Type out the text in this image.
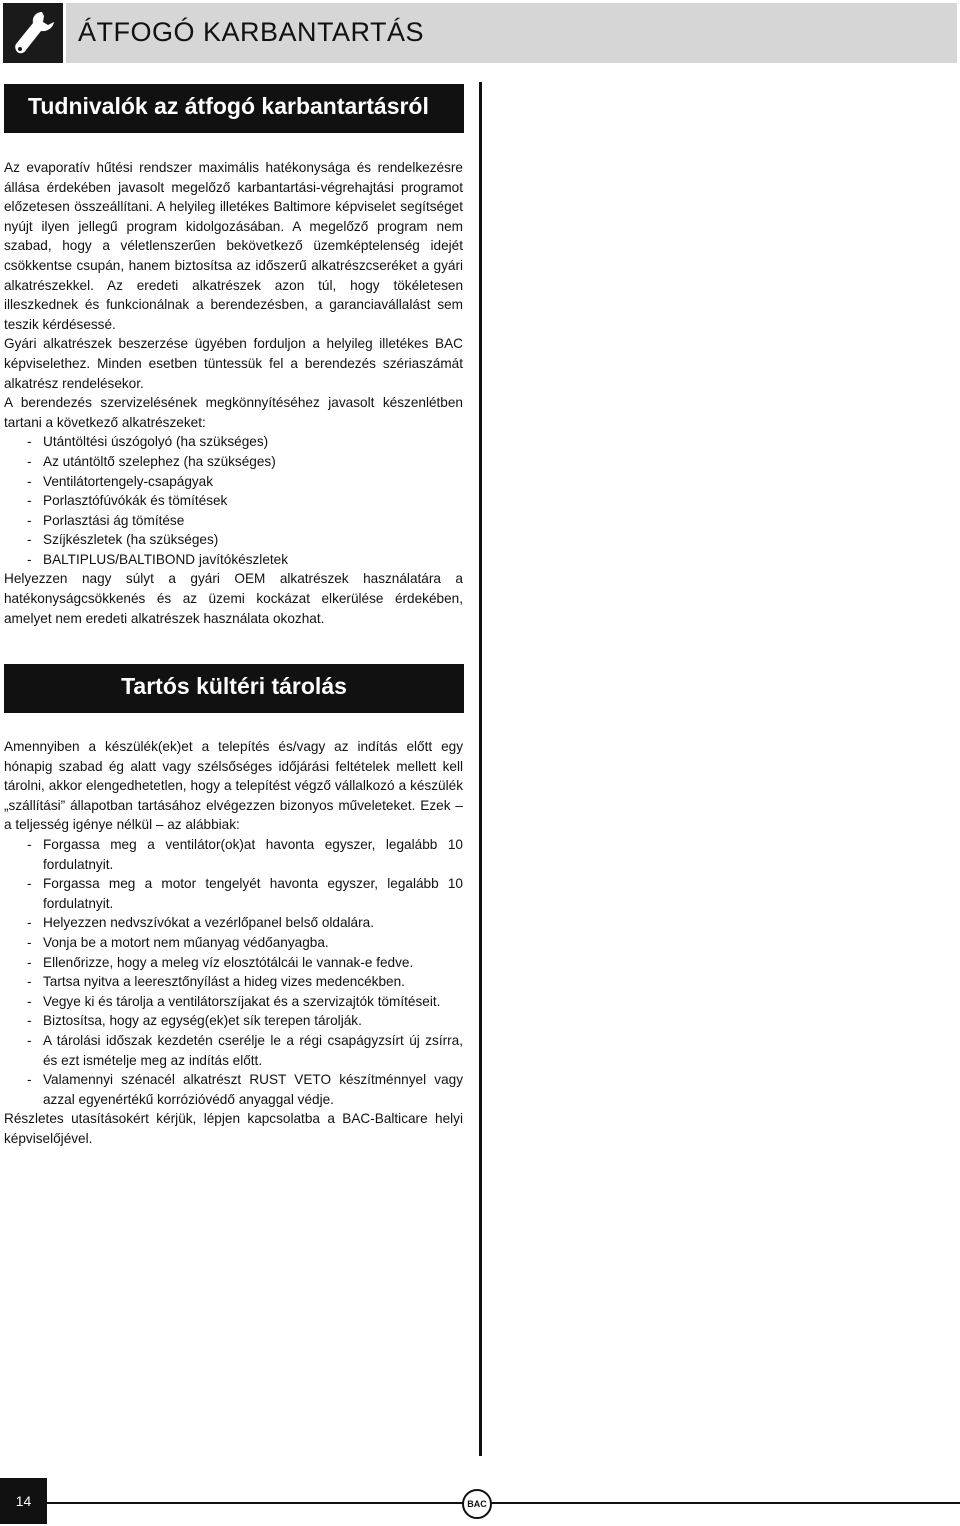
ÁTFOGÓ KARBANTARTÁS
Tudnivalók az átfogó karbantartásról

Az evaporatív hűtési rendszer maximális hatékonysága és rendelkezésre állása érdekében javasolt megelőző karbantartási-végrehajtási programot előzetesen összeállítani. A helyileg illetékes Baltimore képviselet segítséget nyújt ilyen jellegű program kidolgozásában. A megelőző program nem szabad, hogy a véletlenszerűen bekövetkező üzemképtelenség idejét csökkentse csupán, hanem biztosítsa az időszerű alkatrészcseréket a gyári alkatrészekkel. Az eredeti alkatrészek azon túl, hogy tökéletesen illeszkednek és funkcionálnak a berendezésben, a garanciavállalást sem teszik kérdésessé.

Gyári alkatrészek beszerzése ügyében forduljon a helyileg illetékes BAC képviselethez. Minden esetben tüntessük fel a berendezés szériaszámát alkatrész rendelésekor.

A berendezés szervizelésének megkönnyítéséhez javasolt készenlétben tartani a következő alkatrészeket:

- Utántöltési úszógolyó (ha szükséges)
- Az utántöltő szelephez (ha szükséges)
- Ventilátortengely-csapágyak
- Porlasztófúvókák és tömítések
- Porlasztási ág tömítése
- Szíjkészletek (ha szükséges)
- BALTIPLUS/BALTIBOND javítókészletek

Helyezzen nagy súlyt a gyári OEM alkatrészek használatára a hatékonyságcsökkenés és az üzemi kockázat elkerülése érdekében, amelyet nem eredeti alkatrészek használata okozhat.

Tartós kültéri tárolás

Amennyiben a készülék(ek)et a telepítés és/vagy az indítás előtt egy hónapig szabad ég alatt vagy szélsőséges időjárási feltételek mellett kell tárolni, akkor elengedhetetlen, hogy a telepítést végző vállalkozó a készülék „szállítási” állapotban tartásához elvégezzen bizonyos műveleteket. Ezek – a teljesség igénye nélkül – az alábbiak:

- Forgassa meg a ventilátor(ok)at havonta egyszer, legalább 10 fordulatnyit.
- Forgassa meg a motor tengelyét havonta egyszer, legalább 10 fordulatnyit.
- Helyezzen nedvszívókat a vezérlőpanel belső oldalára.
- Vonja be a motort nem műanyag védőanyagba.
- Ellenőrizze, hogy a meleg víz elosztótálcái le vannak-e fedve.
- Tartsa nyitva a leeresztőnyílást a hideg vizes medencékben.
- Vegye ki és tárolja a ventilátorszíjakat és a szervizajtók tömítéseit.
- Biztosítsa, hogy az egység(ek)et sík terepen tárolják.
- A tárolási időszak kezdetén cserélje le a régi csapágyzsírt új zsírra, és ezt ismételje meg az indítás előtt.
- Valamennyi szénacél alkatrészt RUST VETO készítménnyel vagy azzal egyenértékű korrózióvédő anyaggal védje.

Részletes utasításokért kérjük, lépjen kapcsolatba a BAC-Balticare helyi képviselőjével.

14	BAC
